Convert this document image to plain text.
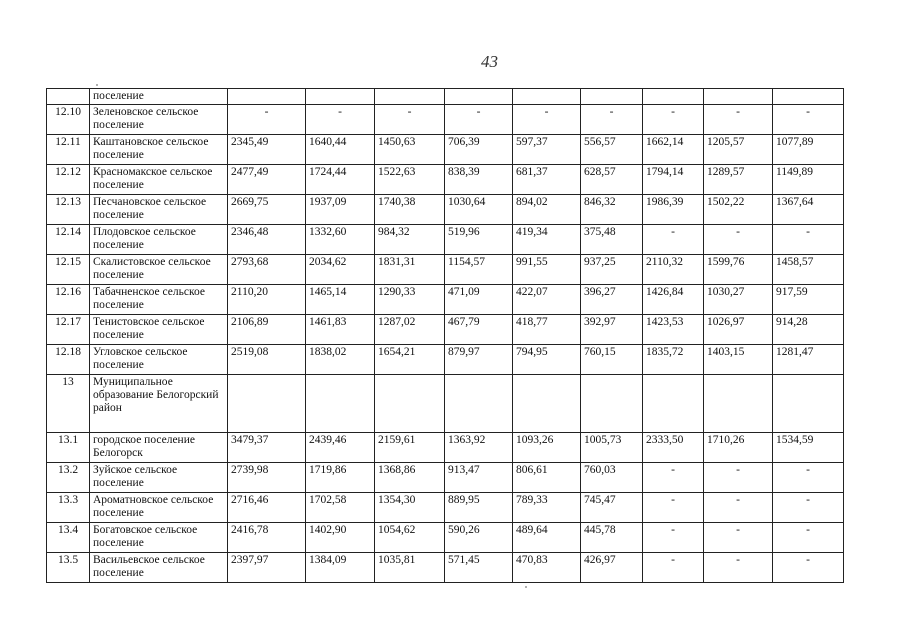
43
	поселение									
12.10	Зеленовское сельское поселение	-	-	-	-	-	-	-	-	-
12.11	Каштановское сельское поселение	2345,49	1640,44	1450,63	706,39	597,37	556,57	1662,14	1205,57	1077,89
12.12	Красномакское сельское поселение	2477,49	1724,44	1522,63	838,39	681,37	628,57	1794,14	1289,57	1149,89
12.13	Песчановское сельское поселение	2669,75	1937,09	1740,38	1030,64	894,02	846,32	1986,39	1502,22	1367,64
12.14	Плодовское сельское поселение	2346,48	1332,60	984,32	519,96	419,34	375,48	-	-	-
12.15	Скалистовское сельское поселение	2793,68	2034,62	1831,31	1154,57	991,55	937,25	2110,32	1599,76	1458,57
12.16	Табачненское сельское поселение	2110,20	1465,14	1290,33	471,09	422,07	396,27	1426,84	1030,27	917,59
12.17	Тенистовское сельское поселение	2106,89	1461,83	1287,02	467,79	418,77	392,97	1423,53	1026,97	914,28
12.18	Угловское сельское поселение	2519,08	1838,02	1654,21	879,97	794,95	760,15	1835,72	1403,15	1281,47
13	Муниципальное образование Белогорский район									
13.1	городское поселение Белогорск	3479,37	2439,46	2159,61	1363,92	1093,26	1005,73	2333,50	1710,26	1534,59
13.2	Зуйское сельское поселение	2739,98	1719,86	1368,86	913,47	806,61	760,03	-	-	-
13.3	Ароматновское сельское поселение	2716,46	1702,58	1354,30	889,95	789,33	745,47	-	-	-
13.4	Богатовское сельское поселение	2416,78	1402,90	1054,62	590,26	489,64	445,78	-	-	-
13.5	Васильевское сельское поселение	2397,97	1384,09	1035,81	571,45	470,83	426,97	-	-	-
